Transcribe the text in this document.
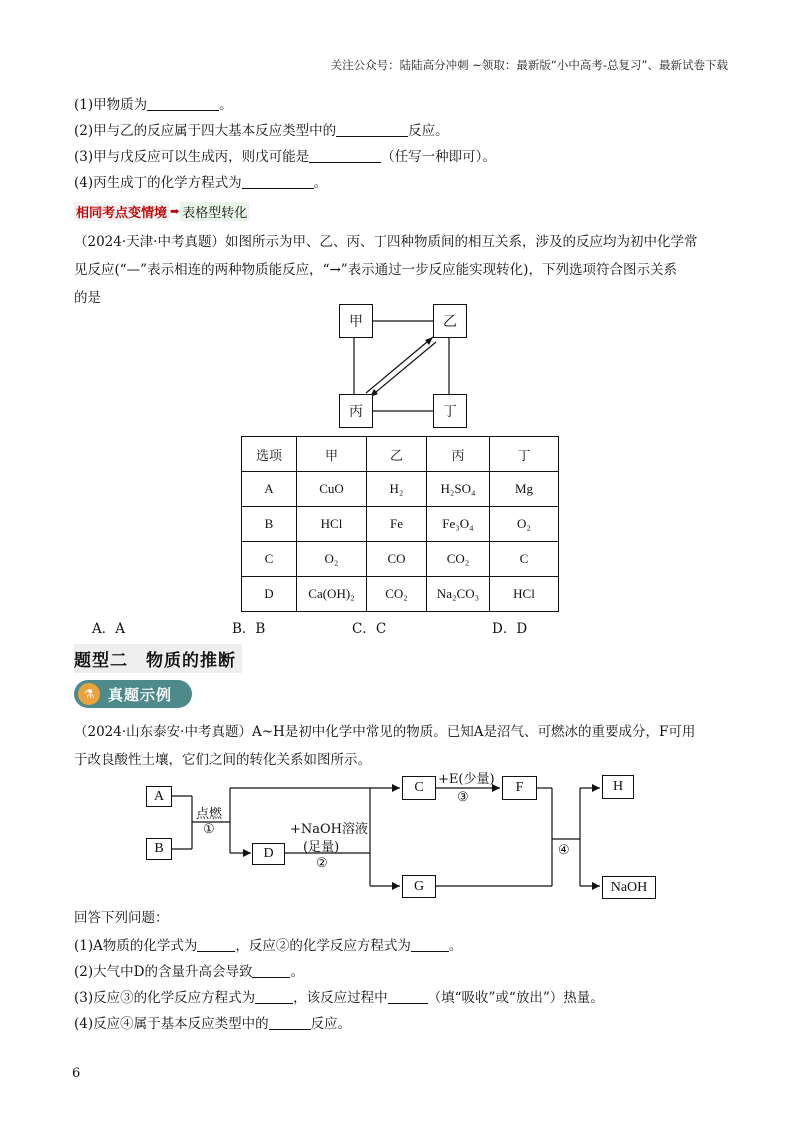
关注公众号：陆陆高分冲刺 ~领取：最新版“小中高考-总复习”、最新试卷下载
(1)甲物质为	。
(2)甲与乙的反应属于四大基本反应类型中的	反应。
(3)甲与戊反应可以生成丙，则戊可能是	（任写一种即可）。
(4)丙生成丁的化学方程式为	。
相同考点变情境 ➡ 表格型转化
（2024·天津·中考真题）如图所示为甲、乙、丙、丁四种物质间的相互关系，涉及的反应均为初中化学常
见反应(“—”表示相连的两种物质能反应，“→”表示通过一步反应能实现转化)，下列选项符合图示关系
的是
甲	乙
丙	丁
选项	甲	乙	丙	丁
A	CuO	H₂	H₂SO₄	Mg
B	HCl	Fe	Fe₃O₄	O₂
C	O₂	CO	CO₂	C
D	Ca(OH)₂	CO₂	Na₂CO₃	HCl
A．A	B．B	C．C	D．D
题型二　物质的推断
⚗ 真题示例
（2024·山东泰安·中考真题）A~H是初中化学中常见的物质。已知A是沼气、可燃冰的重要成分，F可用
于改良酸性土壤，它们之间的转化关系如图所示。
A
B	D
C	F
G
H
NaOH
点燃
①	+NaOH溶液
(足量)
②
+E(少量)
③
④
回答下列问题：
(1)A物质的化学式为	，反应②的化学反应方程式为	。
(2)大气中D的含量升高会导致	。
(3)反应③的化学反应方程式为	，该反应过程中	（填“吸收”或“放出”）热量。
(4)反应④属于基本反应类型中的	反应。
6
